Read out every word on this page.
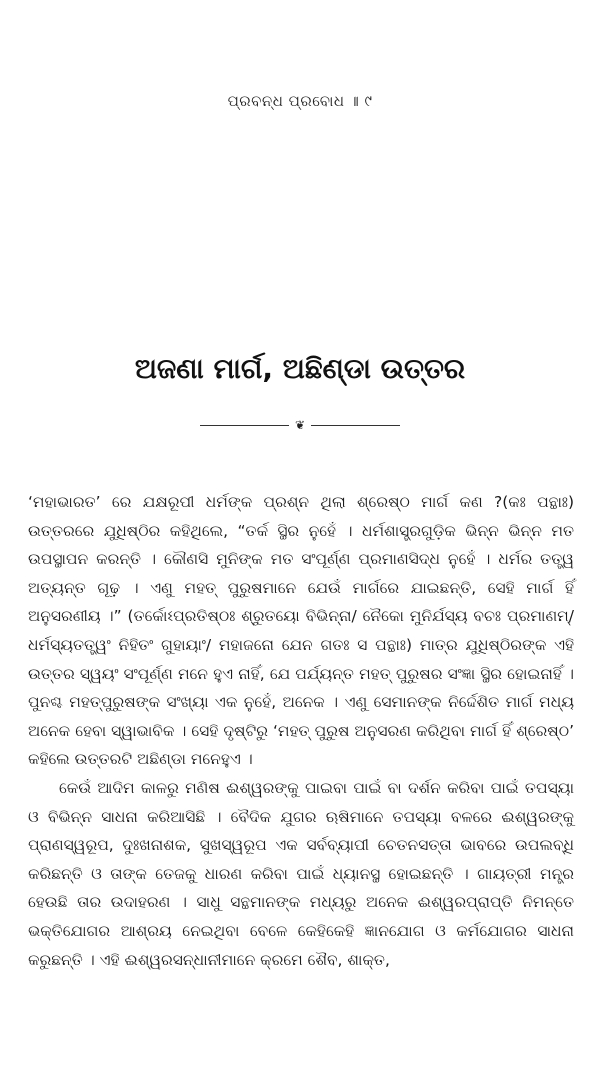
ପ୍ରବନ୍ଧ ପ୍ରବୋଧ ॥ ୯
ଅଜଣା ମାର୍ଗ, ଅଛିଣ୍ଡା ଉତ୍ତର
❦

‘ମହାଭାରତ’ ରେ ଯକ୍ଷରୂପୀ ଧର୍ମଙ୍କ ପ୍ରଶ୍ନ ଥିଲା ଶ୍ରେଷ୍ଠ ମାର୍ଗ କଣ ?(କଃ ପନ୍ଥାଃ) ଉତ୍ତରରେ ଯୁଧିଷ୍ଠିର କହିଥିଲେ, “ତର୍କ ସ୍ଥିର ନୁହେଁ । ଧର୍ମଶାସ୍ତ୍ରଗୁଡ଼ିକ ଭିନ୍ନ ଭିନ୍ନ ମତ ଉପସ୍ଥାପନ କରନ୍ତି । କୌଣସି ମୁନିଙ୍କ ମତ ସଂପୂର୍ଣ୍ଣ ପ୍ରମାଣସିଦ୍ଧ ନୁହେଁ । ଧର୍ମର ତତ୍ତ୍ୱ ଅତ୍ୟନ୍ତ ଗୂଢ଼ । ଏଣୁ ମହତ୍ ପୁରୁଷମାନେ ଯେଉଁ ମାର୍ଗରେ ଯାଇଛନ୍ତି, ସେହି ମାର୍ଗ ହିଁ ଅନୁସରଣୀୟ ।” (ତର୍କୋଽପ୍ରତିଷ୍ଠଃ ଶ୍ରୁତୟୋ ବିଭିନ୍ନା/ ନୈକୋ ମୁନିର୍ଯସ୍ୟ ବଚଃ ପ୍ରମାଣମ୍/ ଧର୍ମସ୍ୟତତ୍ତ୍ୱଂ ନିହିତଂ ଗୁହାୟାଂ/ ମହାଜନୋ ଯେନ ଗତଃ ସ ପନ୍ଥାଃ) ମାତ୍ର ଯୁଧିଷ୍ଠିରଙ୍କ ଏହି ଉତ୍ତର ସ୍ୱୟଂ ସଂପୂର୍ଣ୍ଣ ମନେ ହୁଏ ନାହିଁ, ଯେ ପର୍ଯ୍ୟନ୍ତ ମହତ୍ ପୁରୁଷର ସଂଜ୍ଞା ସ୍ଥିର ହୋଇନାହିଁ । ପୁନଶ୍ଚ ମହତ୍‌ପୁରୁଷଙ୍କ ସଂଖ୍ୟା ଏକ ନୁହେଁ, ଅନେକ । ଏଣୁ ସେମାନଙ୍କ ନିର୍ଦ୍ଦେଶିତ ମାର୍ଗ ମଧ୍ୟ ଅନେକ ହେବା ସ୍ୱାଭାବିକ । ସେହି ଦୃଷ୍ଟିରୁ ‘ମହତ୍ ପୁରୁଷ ଅନୁସରଣ କରିଥିବା ମାର୍ଗ ହିଁ ଶ୍ରେଷ୍ଠ’ କହିଲେ ଉତ୍ତରଟି ଅଛିଣ୍ଡା ମନେହୁଏ ।

କେଉଁ ଆଦିମ କାଳରୁ ମଣିଷ ଈଶ୍ୱରଙ୍କୁ ପାଇବା ପାଇଁ ବା ଦର୍ଶନ କରିବା ପାଇଁ ତପସ୍ୟା ଓ ବିଭିନ୍ନ ସାଧନା କରିଆସିଛି । ବୈଦିକ ଯୁଗର ଋଷିମାନେ ତପସ୍ୟା ବଳରେ ଈଶ୍ୱରଙ୍କୁ ପ୍ରାଣସ୍ୱରୂପ, ଦୁଃଖନାଶକ, ସୁଖସ୍ୱରୂପ ଏକ ସର୍ବବ୍ୟାପୀ ଚେତନସତ୍ତା ଭାବରେ ଉପଲବ୍ଧି କରିଛନ୍ତି ଓ ତାଙ୍କ ତେଜକୁ ଧାରଣ କରିବା ପାଇଁ ଧ୍ୟାନସ୍ଥ ହୋଇଛନ୍ତି । ଗାୟତ୍ରୀ ମନ୍ତ୍ର ହେଉଛି ତାର ଉଦାହରଣ । ସାଧୁ ସନ୍ଥମାନଙ୍କ ମଧ୍ୟରୁ ଅନେକ ଈଶ୍ୱରପ୍ରାପ୍ତି ନିମନ୍ତେ ଭକ୍ତିଯୋଗର ଆଶ୍ରୟ ନେଇଥିବା ବେଳେ କେହିକେହି ଜ୍ଞାନଯୋଗ ଓ କର୍ମଯୋଗର ସାଧନା କରୁଛନ୍ତି । ଏହି ଈଶ୍ୱରସନ୍ଧାନୀମାନେ କ୍ରମେ ଶୈବ, ଶାକ୍ତ,
